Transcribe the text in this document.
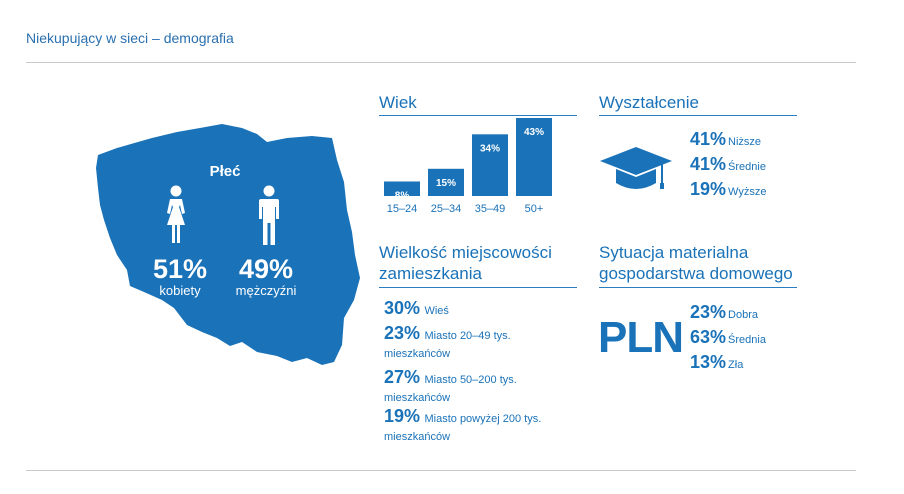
Niekupujący w sieci – demografia
Płeć
51%
kobiety
49%
mężczyźni
Wiek
8%
15–24
15%
25–34
34%
35–49
43%
50+
Wyształcenie
41% Niższe
41% Średnie
19% Wyższe
Wielkość miejscowości zamieszkania
30% Wieś
23% Miasto 20–49 tys. mieszkańców
27% Miasto 50–200 tys. mieszkańców
19% Miasto powyżej 200 tys. mieszkańców
Sytuacja materialna gospodarstwa domowego
PLN
23% Dobra
63% Średnia
13% Zła
